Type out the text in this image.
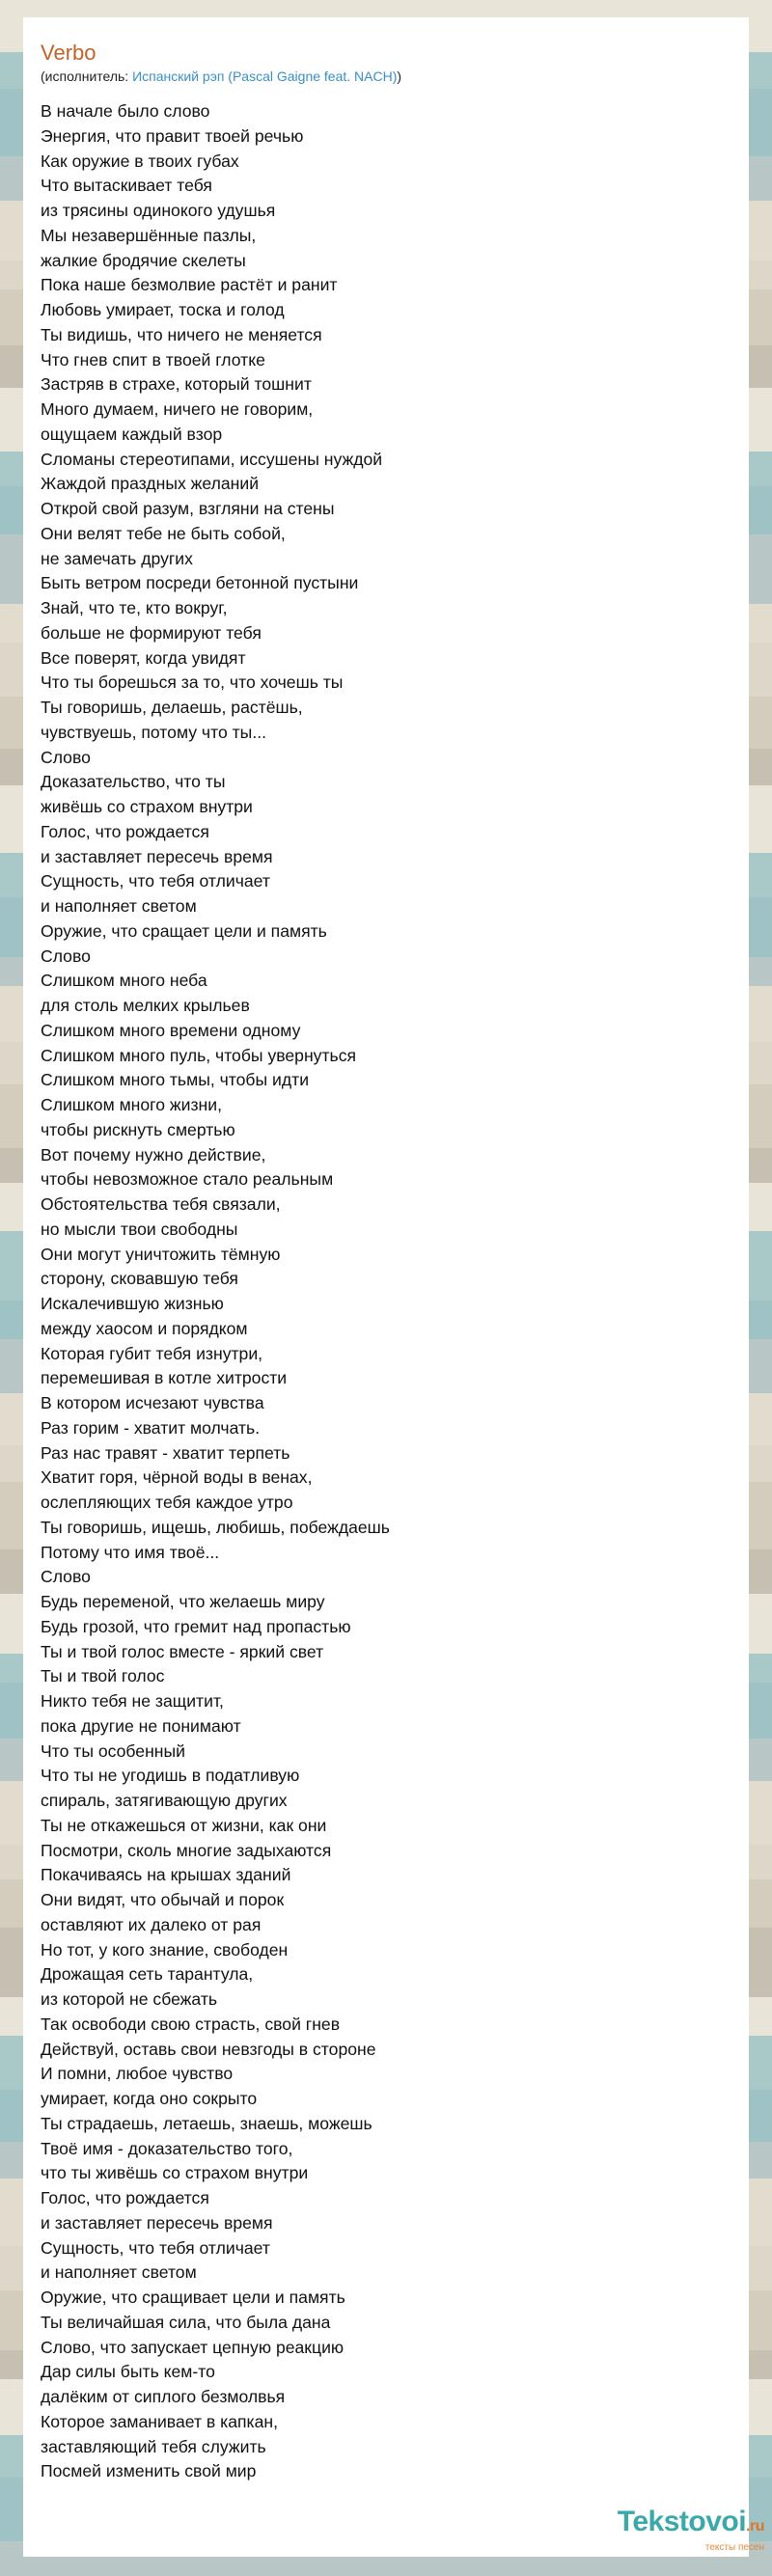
Verbo
(исполнитель: Испанский рэп (Pascal Gaigne feat. NACH))
В начале было слово
Энергия, что правит твоей речью
Как оружие в твоих губах
Что вытаскивает тебя
из трясины одинокого удушья
Мы незавершённые пазлы,
жалкие бродячие скелеты
Пока наше безмолвие растёт и ранит
Любовь умирает, тоска и голод
Ты видишь, что ничего не меняется
Что гнев спит в твоей глотке
Застряв в страхе, который тошнит
Много думаем, ничего не говорим,
ощущаем каждый взор
Сломаны стереотипами, иссушены нуждой
Жаждой праздных желаний
Открой свой разум, взгляни на стены
Они велят тебе не быть собой,
не замечать других
Быть ветром посреди бетонной пустыни
Знай, что те, кто вокруг,
больше не формируют тебя
Все поверят, когда увидят
Что ты борешься за то, что хочешь ты
Ты говоришь, делаешь, растёшь,
чувствуешь, потому что ты...
Слово
Доказательство, что ты
живёшь со страхом внутри
Голос, что рождается
и заставляет пересечь время
Сущность, что тебя отличает
и наполняет светом
Оружие, что сращает цели и память
Слово
Слишком много неба
для столь мелких крыльев
Слишком много времени одному
Слишком много пуль, чтобы увернуться
Слишком много тьмы, чтобы идти
Слишком много жизни,
чтобы рискнуть смертью
Вот почему нужно действие,
чтобы невозможное стало реальным
Обстоятельства тебя связали,
но мысли твои свободны
Они могут уничтожить тёмную
сторону, сковавшую тебя
Искалечившую жизнью
между хаосом и порядком
Которая губит тебя изнутри,
перемешивая в котле хитрости
В котором исчезают чувства
Раз горим - хватит молчать.
Раз нас травят - хватит терпеть
Хватит горя, чёрной воды в венах,
ослепляющих тебя каждое утро
Ты говоришь, ищешь, любишь, побеждаешь
Потому что имя твоё...
Слово
Будь переменой, что желаешь миру
Будь грозой, что гремит над пропастью
Ты и твой голос вместе - яркий свет
Ты и твой голос
Никто тебя не защитит,
пока другие не понимают
Что ты особенный
Что ты не угодишь в податливую
спираль, затягивающую других
Ты не откажешься от жизни, как они
Посмотри, сколь многие задыхаются
Покачиваясь на крышах зданий
Они видят, что обычай и порок
оставляют их далеко от рая
Но тот, у кого знание, свободен
Дрожащая сеть тарантула,
из которой не сбежать
Так освободи свою страсть, свой гнев
Действуй, оставь свои невзгоды в стороне
И помни, любое чувство
умирает, когда оно сокрыто
Ты страдаешь, летаешь, знаешь, можешь
Твоё имя - доказательство того,
что ты живёшь со страхом внутри
Голос, что рождается
и заставляет пересечь время
Сущность, что тебя отличает
и наполняет светом
Оружие, что сращивает цели и память
Ты величайшая сила, что была дана
Слово, что запускает цепную реакцию
Дар силы быть кем-то
далёким от сиплого безмолвья
Которое заманивает в капкан,
заставляющий тебя служить
Посмей изменить свой мир
Tekstovoi.ru
тексты песен
